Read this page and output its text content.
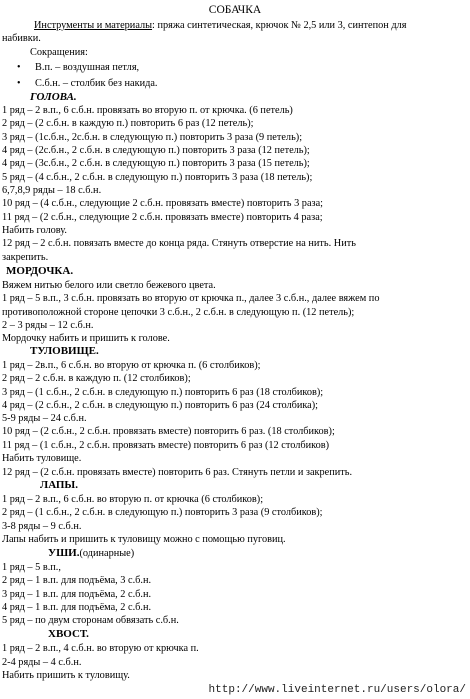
СОБАЧКА
Инструменты и материалы: пряжа синтетическая, крючок № 2,5 или 3, синтепон для
набивки.
Сокращения:
• В.п. – воздушная петля,
• С.б.н. – столбик без накида.
ГОЛОВА.
1 ряд – 2 в.п., 6 с.б.н. провязать во вторую п. от крючка. (6 петель)
2 ряд – (2 с.б.н. в каждую п.) повторить 6 раз (12 петель);
3 ряд – (1с.б.н., 2с.б.н. в следующую п.) повторить 3 раза (9 петель);
4 ряд – (2с.б.н., 2 с.б.н. в следующую п.) повторить 3 раза (12 петель);
4 ряд – (3с.б.н., 2 с.б.н. в следующую п.) повторить 3 раза (15 петель);
5 ряд – (4 с.б.н., 2 с.б.н. в следующую п.) повторить 3 раза (18 петель);
6,7,8,9 ряды – 18 с.б.н.
10 ряд – (4 с.б.н., следующие 2 с.б.н. провязать вместе) повторить 3 раза;
11 ряд – (2 с.б.н., следующие 2 с.б.н. провязать вместе) повторить 4 раза;
Набить голову.
12 ряд – 2 с.б.н. повязать вместе до конца ряда. Стянуть отверстие на нить. Нить
закрепить.
МОРДОЧКА.
Вяжем нитью белого или светло бежевого цвета.
1 ряд – 5 в.п., 3 с.б.н. провязать во вторую от крючка п., далее 3 с.б.н., далее вяжем по
противоположной стороне цепочки 3 с.б.н., 2 с.б.н. в следующую п. (12 петель);
2 – 3 ряды – 12 с.б.н.
Мордочку набить и пришить к голове.
ТУЛОВИЩЕ.
1 ряд – 2в.п., 6 с.б.н. во вторую от крючка п. (6 столбиков);
2 ряд – 2 с.б.н. в каждую п. (12 столбиков);
3 ряд – (1 с.б.н., 2 с.б.н. в следующую п.) повторить 6 раз (18 столбиков);
4 ряд – (2 с.б.н., 2 с.б.н. в следующую п.) повторить 6 раз (24 столбика);
5-9 ряды – 24 с.б.н.
10 ряд – (2 с.б.н., 2 с.б.н. провязать вместе) повторить 6 раз. (18 столбиков);
11 ряд – (1 с.б.н., 2 с.б.н. провязать вместе) повторить 6 раз (12 столбиков)
Набить туловище.
12 ряд – (2 с.б.н. провязать вместе) повторить 6 раз. Стянуть петли и закрепить.
ЛАПЫ.
1 ряд – 2 в.п., 6 с.б.н. во вторую п. от крючка (6 столбиков);
2 ряд – (1 с.б.н., 2 с.б.н. в следующую п.) повторить 3 раза (9 столбиков);
3-8 ряды – 9 с.б.н.
Лапы набить и пришить к туловищу можно с помощью пуговиц.
УШИ.(одинарные)
1 ряд – 5 в.п.,
2 ряд – 1 в.п. для подъёма, 3 с.б.н.
3 ряд – 1 в.п. для подъёма, 2 с.б.н.
4 ряд – 1 в.п. для подъёма, 2 с.б.н.
5 ряд – по двум сторонам обвязать с.б.н.
ХВОСТ.
1 ряд – 2 в.п., 4 с.б.н. во вторую от крючка п.
2-4 ряды – 4 с.б.н.
Набить пришить к туловищу.
http://www.liveinternet.ru/users/olora/
